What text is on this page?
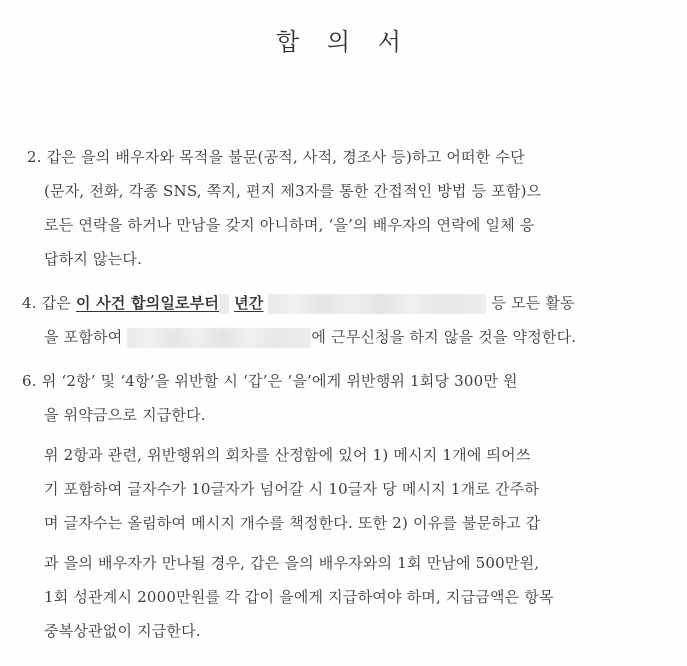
합 의 서
2. 갑은 을의 배우자와 목적을 불문(공적, 사적, 경조사 등)하고 어떠한 수단
(문자, 전화, 각종 SNS, 쪽지, 편지 제3자를 통한 간접적인 방법 등 포함)으
로든 연락을 하거나 만남을 갖지 아니하며, ‘을’의 배우자의 연락에 일체 응
답하지 않는다.
4. 갑은 이 사건 합의일로부터 년간	등 모든 활동
을 포함하여	에 근무신청을 하지 않을 것을 약정한다.
6. 위 ‘2항’ 및 ‘4항’을 위반할 시 ‘갑’은 ‘을’에게 위반행위 1회당 300만 원
을 위약금으로 지급한다.
위 2항과 관련, 위반행위의 회차를 산정함에 있어 1) 메시지 1개에 띄어쓰
기 포함하여 글자수가 10글자가 넘어갈 시 10글자 당 메시지 1개로 간주하
며 글자수는 올림하여 메시지 개수를 책정한다. 또한 2) 이유를 불문하고 갑
과 을의 배우자가 만나될 경우, 갑은 을의 배우자와의 1회 만남에 500만원,
1회 성관계시 2000만원를 각 갑이 을에게 지급하여야 하며, 지급금액은 항목
중복상관없이 지급한다.
